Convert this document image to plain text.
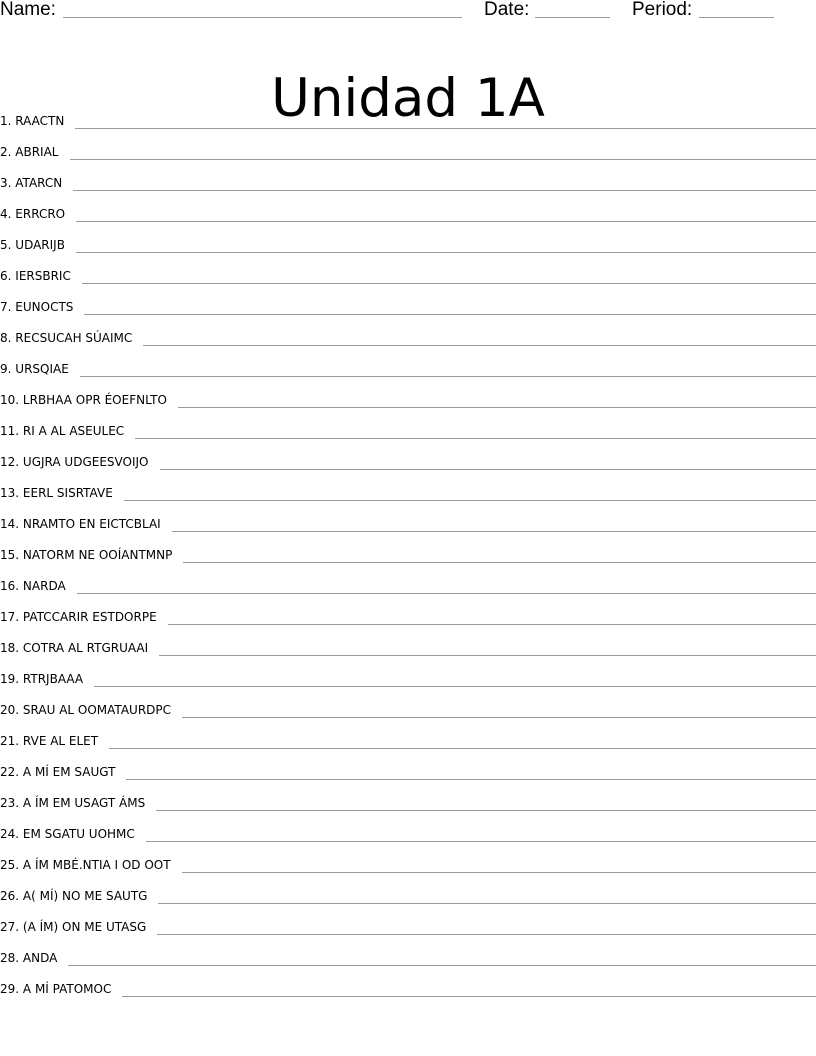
Name:	Date:	Period:
Unidad 1A
1. RAACTN
2. ABRIAL
3. ATARCN
4. ERRCRO
5. UDARIJB
6. IERSBRIC
7. EUNOCTS
8. RECSUCAH SÚAIMC
9. URSQIAE
10. LRBHAA OPR ÉOEFNLTO
11. RI A AL ASEULEC
12. UGJRA UDGEESVOIJO
13. EERL SISRTAVE
14. NRAMTO EN EICTCBLAI
15. NATORM NE OOÍANTMNP
16. NARDA
17. PATCCARIR ESTDORPE
18. COTRA AL RTGRUAAI
19. RTRJBAAA
20. SRAU AL OOMATAURDPC
21. RVE AL ELET
22. A MÍ EM SAUGT
23. A ÍM EM USAGT ÁMS
24. EM SGATU UOHMC
25. A ÍM MBÉ.NTIA I OD OOT
26. A( MÍ) NO ME SAUTG
27. (A ÍM) ON ME UTASG
28. ANDA
29. A MÍ PATOMOC
